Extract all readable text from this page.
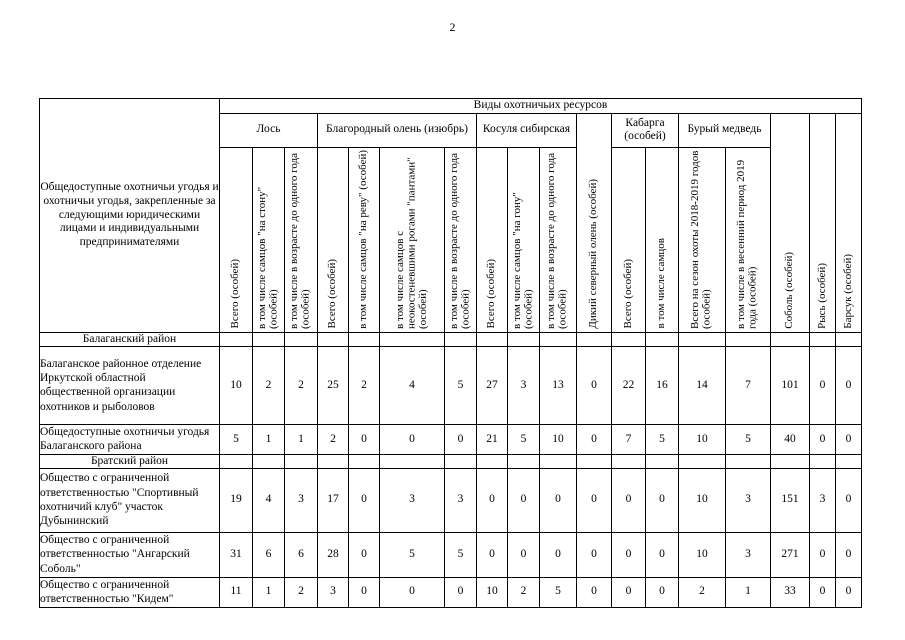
2
Общедоступные охотничьи угодья и охотничьи угодья, закрепленные за следующими юридическими лицами и индивидуальными предпринимателями	Виды охотничьих ресурсов																	
	Лось			Благородный олень (изюбрь)				Косуля сибирская			Дикий северный олень (особей)	Кабарга (особей)		Бурый медведь		Соболь (особей)	Рысь (особей)	Барсук (особей)

	Всего (особей)	в том числе самцов "на стону" (особей)	в том числе в возрасте до одного года (особей)	Всего (особей)	в том числе самцов "на реву" (особей)	в том числе самцов с неокостеневшими рогами "пантами" (особей)	в том числе в возрасте до одного года (особей)	Всего (особей)	в том числе самцов "на гону" (особей)	в том числе в возрасте до одного года (особей)		Всего (особей)	в том числе самцов	Всего на сезон охоты 2018-2019 годов (особей)	в том числе в весенний период 2019 года (особей)			

Балаганский район																		
Балаганское районное отделение Иркутской областной общественной организации охотников и рыболовов	10	2	2	25	2	4	5	27	3	13	0	22	16	14	7	101	0	0
Общедоступные охотничьи угодья Балаганского района	5	1	1	2	0	0	0	21	5	10	0	7	5	10	5	40	0	0
Братский район																		
Общество с ограниченной ответственностью "Спортивный охотничий клуб" участок Дубынинский	19	4	3	17	0	3	3	0	0	0	0	0	0	10	3	151	3	0
Общество с ограниченной ответственностью "Ангарский Соболь"	31	6	6	28	0	5	5	0	0	0	0	0	0	10	3	271	0	0
Общество с ограниченной ответственностью "Кидем"	11	1	2	3	0	0	0	10	2	5	0	0	0	2	1	33	0	0
